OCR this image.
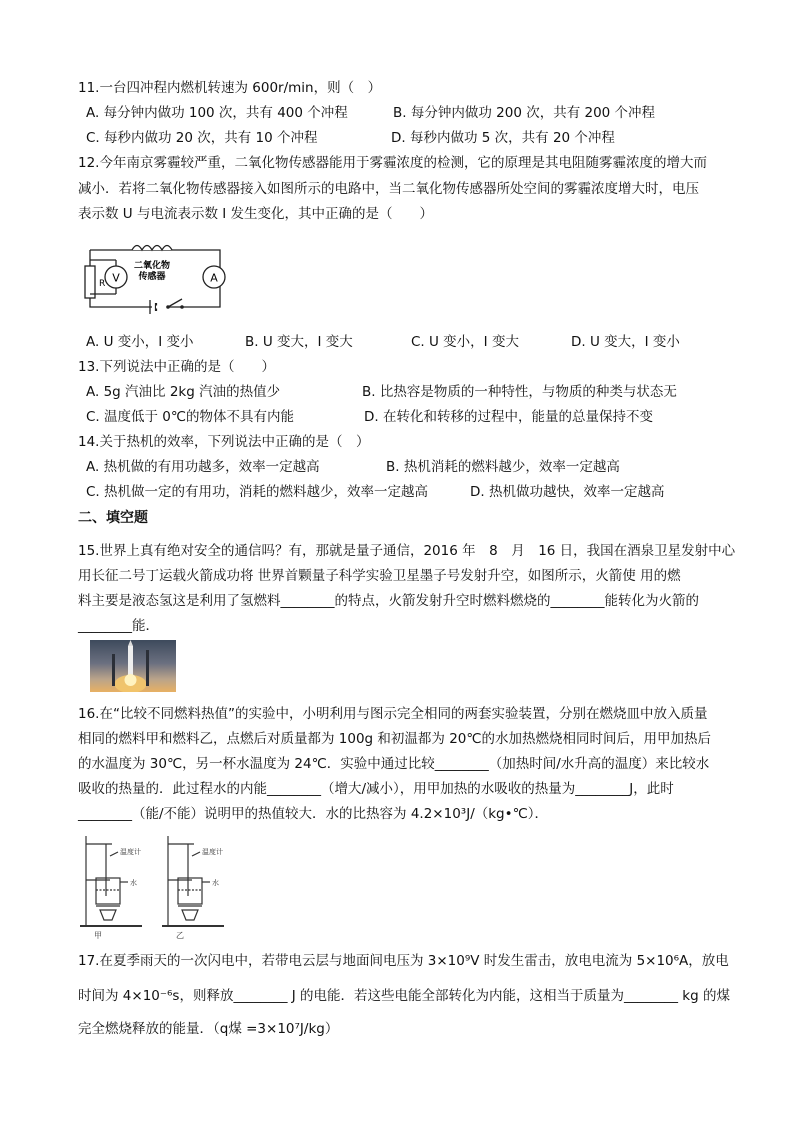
11.一台四冲程内燃机转速为 600r/min，则（　）
A. 每分钟内做功 100 次，共有 400 个冲程	B. 每分钟内做功 200 次，共有 200 个冲程
C. 每秒内做功 20 次，共有 10 个冲程	D. 每秒内做功 5 次，共有 20 个冲程
12.今年南京雾霾较严重，二氧化物传感器能用于雾霾浓度的检测，它的原理是其电阻随雾霾浓度的增大而
减小．若将二氧化物传感器接入如图所示的电路中，当二氧化物传感器所处空间的雾霾浓度增大时，电压
表示数 U 与电流表示数 I 发生变化，其中正确的是（　　）
V	A
R
二氧化物
传感器
A. U 变小，I 变小	B. U 变大，I 变大	C. U 变小，I 变大	D. U 变大，I 变小
13.下列说法中正确的是（　　）
A. 5g 汽油比 2kg 汽油的热值少	B. 比热容是物质的一种特性，与物质的种类与状态无
C. 温度低于 0℃的物体不具有内能	D. 在转化和转移的过程中，能量的总量保持不变
14.关于热机的效率，下列说法中正确的是（　）
A. 热机做的有用功越多，效率一定越高	B. 热机消耗的燃料越少，效率一定越高
C. 热机做一定的有用功，消耗的燃料越少，效率一定越高	D. 热机做功越快，效率一定越高
二、填空题
15.世界上真有绝对安全的通信吗？有，那就是量子通信，2016 年　8　月　16 日，我国在酒泉卫星发射中心
用长征二号丁运载火箭成功将 世界首颗量子科学实验卫星墨子号发射升空，如图所示，火箭使 用的燃
料主要是液态氢这是利用了氢燃料________的特点，火箭发射升空时燃料燃烧的________能转化为火箭的
________能．
16.在“比较不同燃料热值”的实验中，小明利用与图示完全相同的两套实验装置，分别在燃烧皿中放入质量
相同的燃料甲和燃料乙，点燃后对质量都为 100g 和初温都为 20℃的水加热燃烧相同时间后，用甲加热后
的水温度为 30℃，另一杯水温度为 24℃．实验中通过比较________（加热时间/水升高的温度）来比较水
吸收的热量的．此过程水的内能________（增大/减小），用甲加热的水吸收的热量为________J，此时
________（能/不能）说明甲的热值较大．水的比热容为 4.2×10³J/（kg•℃）．
温度计	温度计
水	水
甲	乙
17.在夏季雨天的一次闪电中，若带电云层与地面间电压为 3×10⁹V 时发生雷击，放电电流为 5×10⁶A，放电
时间为 4×10⁻⁶s，则释放________ J 的电能．若这些电能全部转化为内能，这相当于质量为________ kg 的煤
完全燃烧释放的能量．（q煤 =3×10⁷J/kg）
